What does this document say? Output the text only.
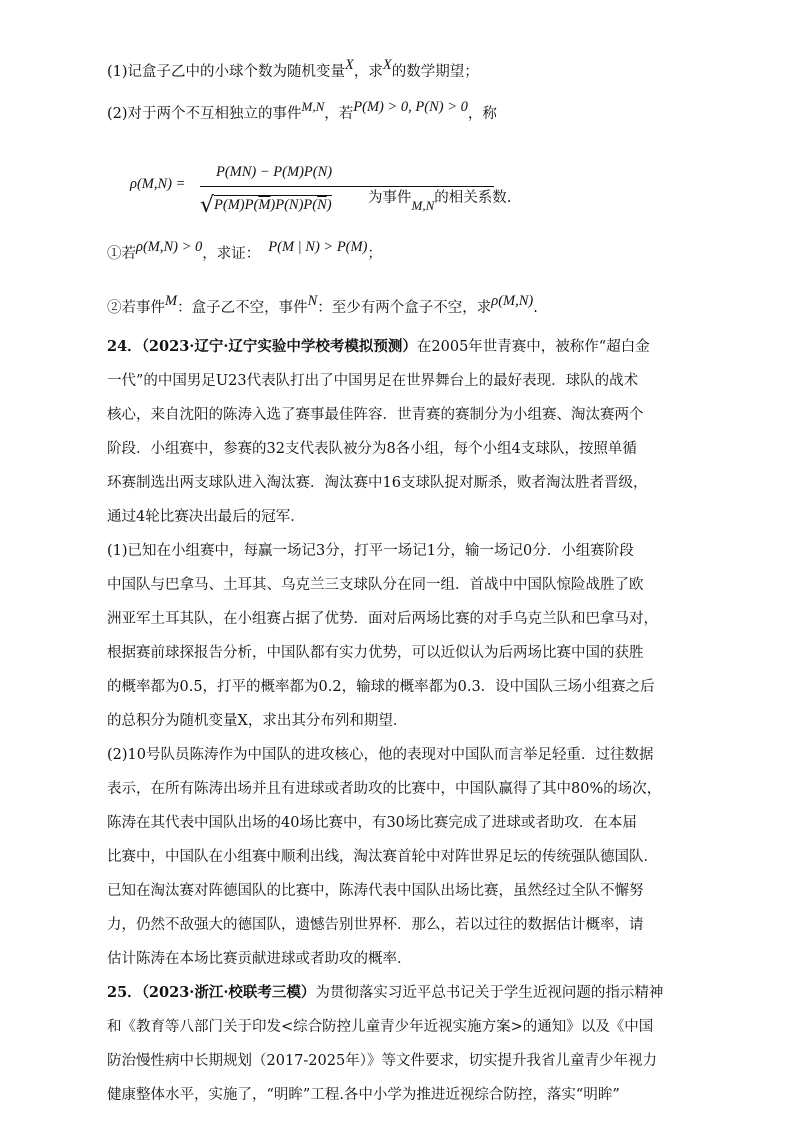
(1)记盒子乙中的小球个数为随机变量X，求X的数学期望；
(2)对于两个不互相独立的事件M,N，若P(M) > 0, P(N) > 0，称
ρ(M,N) =
P(MN) − P(M)P(N)
$√P(M)P(\overline{M})P(N)P(\overline{N})$	为事件M,N的相关系数.
①若ρ(M,N) > 0，求证： P(M | N) > P(M)；
②若事件M：盒子乙不空，事件N：至少有两个盒子不空，求ρ(M,N).
24．（2023·辽宁·辽宁实验中学校考模拟预测）在2005年世青赛中，被称作“超白金
一代”的中国男足U23代表队打出了中国男足在世界舞台上的最好表现．球队的战术
核心，来自沈阳的陈涛入选了赛事最佳阵容．世青赛的赛制分为小组赛、淘汰赛两个
阶段．小组赛中，参赛的32支代表队被分为8各小组，每个小组4支球队，按照单循
环赛制选出两支球队进入淘汰赛．淘汰赛中16支球队捉对厮杀，败者淘汰胜者晋级，
通过4轮比赛决出最后的冠军．
(1)已知在小组赛中，每赢一场记3分，打平一场记1分，输一场记0分．小组赛阶段
中国队与巴拿马、土耳其、乌克兰三支球队分在同一组．首战中中国队惊险战胜了欧
洲亚军土耳其队，在小组赛占据了优势．面对后两场比赛的对手乌克兰队和巴拿马对，
根据赛前球探报告分析，中国队都有实力优势，可以近似认为后两场比赛中国的获胜
的概率都为0.5，打平的概率都为0.2，输球的概率都为0.3．设中国队三场小组赛之后
的总积分为随机变量X，求出其分布列和期望．
(2)10号队员陈涛作为中国队的进攻核心，他的表现对中国队而言举足轻重．过往数据
表示，在所有陈涛出场并且有进球或者助攻的比赛中，中国队赢得了其中80%的场次，
陈涛在其代表中国队出场的40场比赛中，有30场比赛完成了进球或者助攻．在本届
比赛中，中国队在小组赛中顺利出线，淘汰赛首轮中对阵世界足坛的传统强队德国队．
已知在淘汰赛对阵德国队的比赛中，陈涛代表中国队出场比赛，虽然经过全队不懈努
力，仍然不敌强大的德国队，遗憾告别世界杯．那么，若以过往的数据估计概率，请
估计陈涛在本场比赛贡献进球或者助攻的概率．
25．（2023·浙江·校联考三模）为贯彻落实习近平总书记关于学生近视问题的指示精神
和《教育等八部门关于印发<综合防控儿童青少年近视实施方案>的通知》以及《中国
防治慢性病中长期规划（2017-2025年）》等文件要求，切实提升我省儿童青少年视力
健康整体水平，实施了，“明眸”工程.各中小学为推进近视综合防控，落实“明眸”
